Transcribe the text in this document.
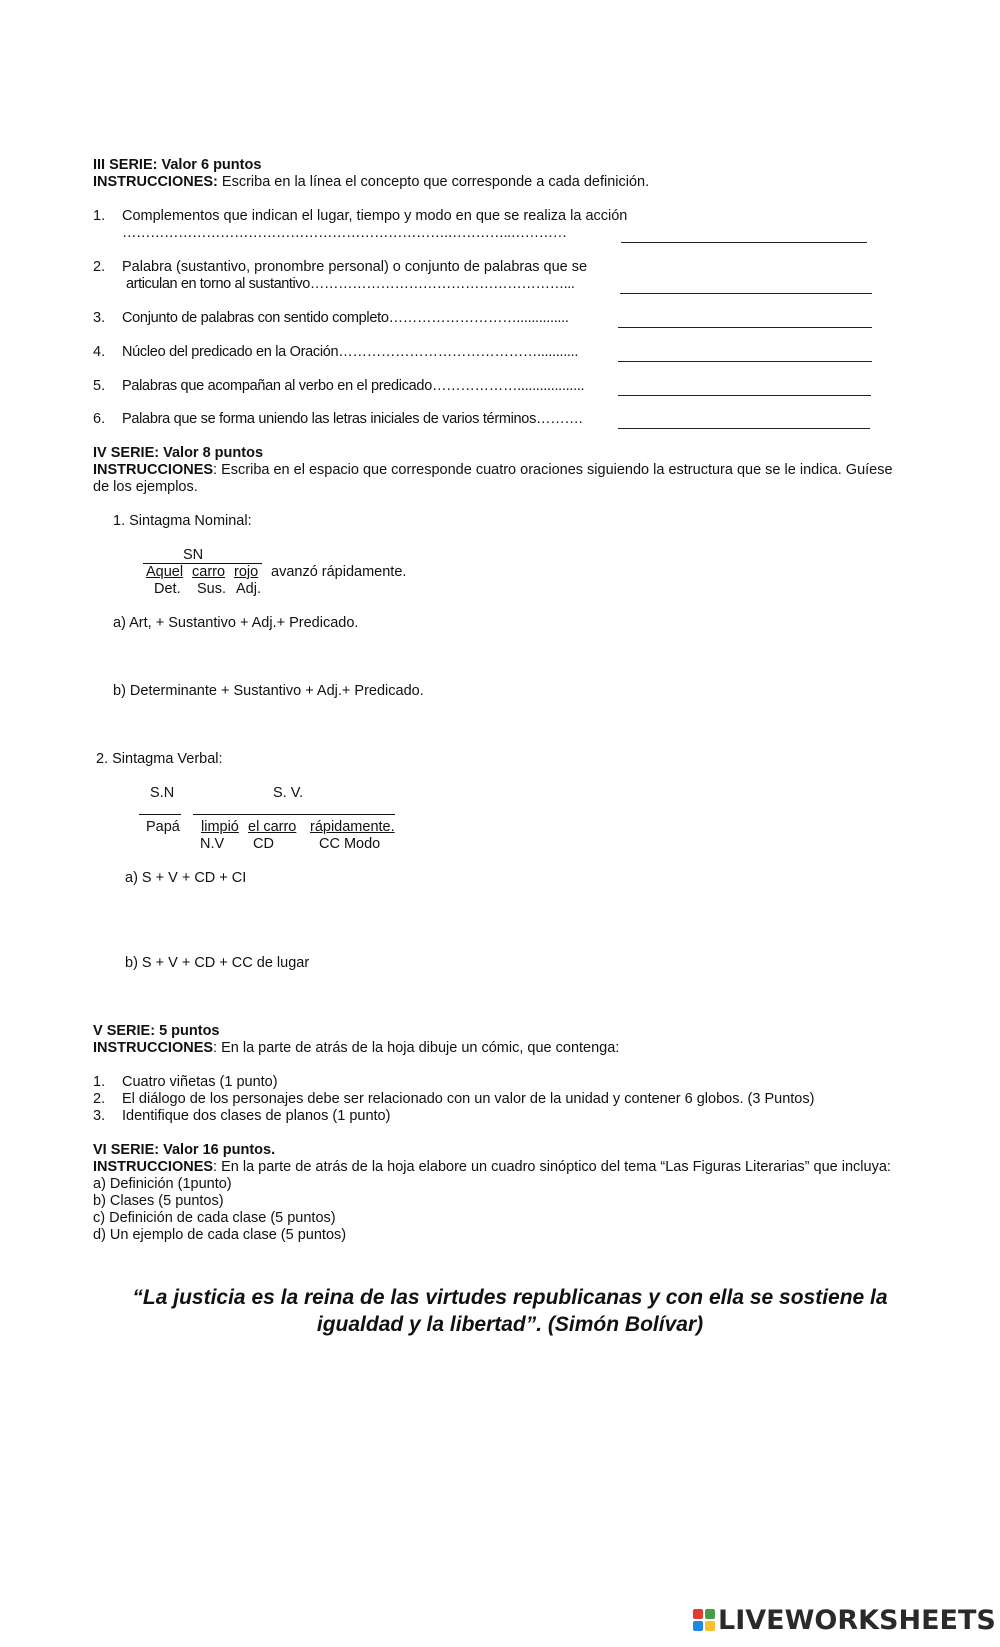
III SERIE: Valor 6 puntos
INSTRUCCIONES: Escriba en la línea el concepto que corresponde a cada definición.
1. Complementos que indican el lugar, tiempo y modo en que se realiza la acción
…………………………………………………………….…………..…………
2. Palabra (sustantivo, pronombre personal) o conjunto de palabras que se
articulan en torno al sustantivo………………………………………………...
3. Conjunto de palabras con sentido completo………………………..............
4. Núcleo del predicado en la Oración……………………………………...........
5. Palabras que acompañan al verbo en el predicado………………..................
6. Palabra que se forma uniendo las letras iniciales de varios términos……….
IV SERIE: Valor 8 puntos
INSTRUCCIONES: Escriba en el espacio que corresponde cuatro oraciones siguiendo la estructura que se le indica. Guíese
de los ejemplos.
1. Sintagma Nominal:
SN
Aquel carro rojo avanzó rápidamente.
Det. Sus. Adj.
a) Art, + Sustantivo + Adj.+ Predicado.
b) Determinante + Sustantivo + Adj.+ Predicado.
2. Sintagma Verbal:
S.N	S. V.
Papá limpió el carro rápidamente.
N.V CD	CC Modo
a) S + V + CD + CI
b) S + V + CD + CC de lugar
V SERIE: 5 puntos
INSTRUCCIONES: En la parte de atrás de la hoja dibuje un cómic, que contenga:
1. Cuatro viñetas (1 punto)
2. El diálogo de los personajes debe ser relacionado con un valor de la unidad y contener 6 globos. (3 Puntos)
3. Identifique dos clases de planos (1 punto)
VI SERIE: Valor 16 puntos.
INSTRUCCIONES: En la parte de atrás de la hoja elabore un cuadro sinóptico del tema “Las Figuras Literarias” que incluya:
a) Definición (1punto)
b) Clases (5 puntos)
c) Definición de cada clase (5 puntos)
d) Un ejemplo de cada clase (5 puntos)
“La justicia es la reina de las virtudes republicanas y con ella se sostiene la igualdad y la libertad”. (Simón Bolívar)
LIVEWORKSHEETS
